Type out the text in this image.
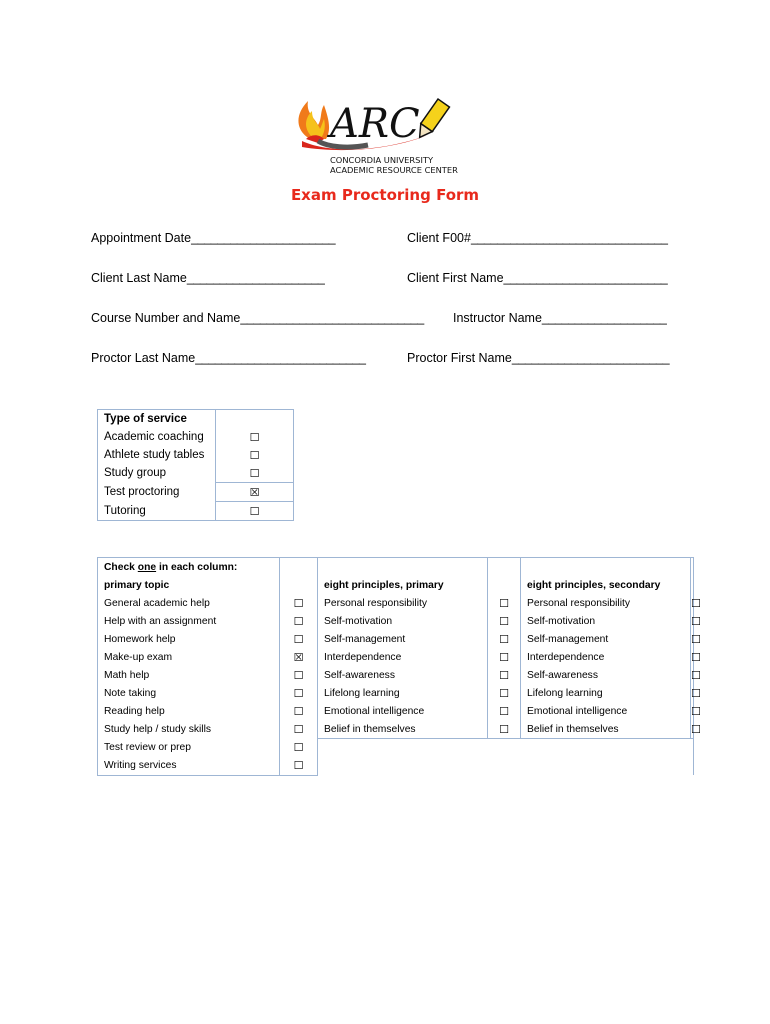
ARC
CONCORDIA UNIVERSITY
ACADEMIC RESOURCE CENTER
Exam Proctoring Form
Appointment Date______________________	Client F00#______________________________
Client Last Name_____________________	Client First Name_________________________
Course Number and Name____________________________ Instructor Name___________________
Proctor Last Name__________________________	Proctor First Name________________________
Type of service	
Academic coaching	☐
Athlete study tables	☐
Study group	☐
Test proctoring	☒
Tutoring	☐
Check one in each column:					
primary topic		eight principles, primary		eight principles, secondary	
General academic help	☐	Personal responsibility	☐	Personal responsibility	☐
Help with an assignment	☐	Self-motivation	☐	Self-motivation	☐
Homework help	☐	Self-management	☐	Self-management	☐
Make-up exam	☒	Interdependence	☐	Interdependence	☐
Math help	☐	Self-awareness	☐	Self-awareness	☐
Note taking	☐	Lifelong learning	☐	Lifelong learning	☐
Reading help	☐	Emotional intelligence	☐	Emotional intelligence	☐
Study help / study skills	☐	Belief in themselves	☐	Belief in themselves	☐
Test review or prep	☐				
Writing services	☐				
